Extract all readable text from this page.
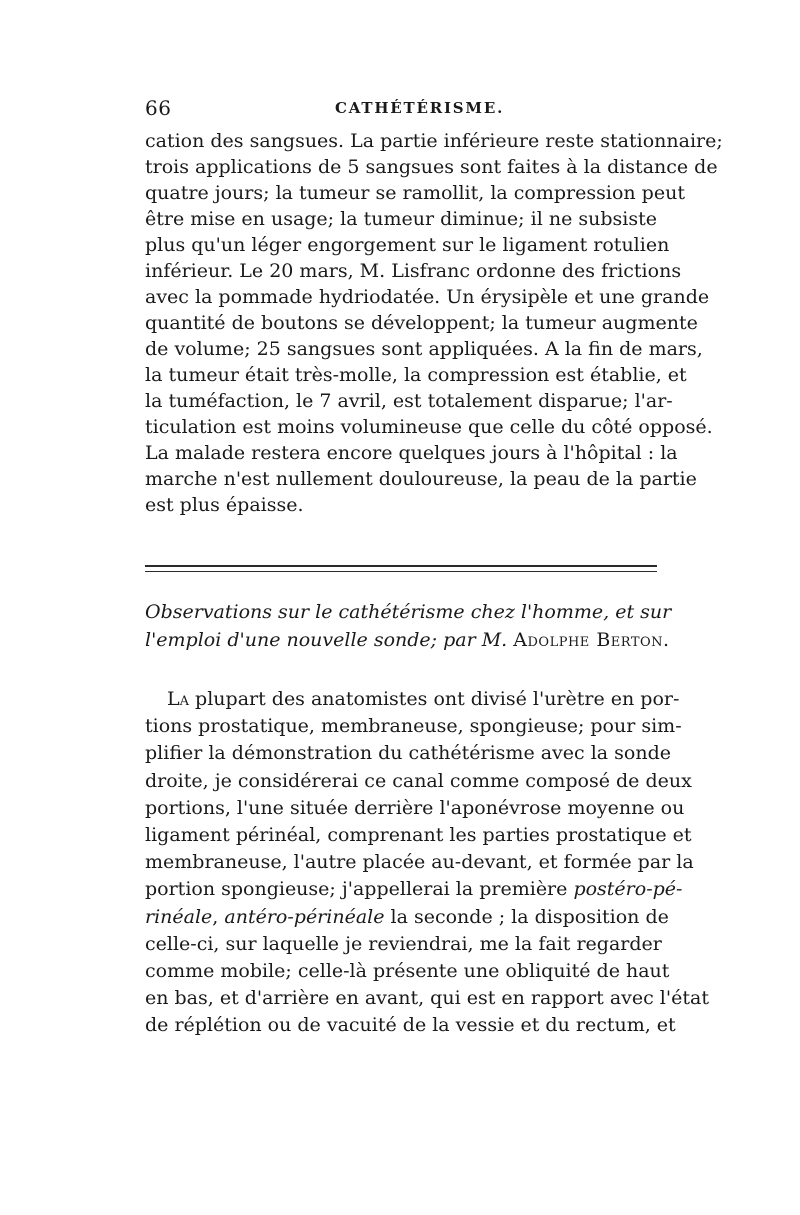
66	CATHÉTÉRISME.
cation des sangsues. La partie inférieure reste stationnaire;
trois applications de 5 sangsues sont faites à la distance de
quatre jours; la tumeur se ramollit, la compression peut
être mise en usage; la tumeur diminue; il ne subsiste
plus qu'un léger engorgement sur le ligament rotulien
inférieur. Le 20 mars, M. Lisfranc ordonne des frictions
avec la pommade hydriodatée. Un érysipèle et une grande
quantité de boutons se développent; la tumeur augmente
de volume; 25 sangsues sont appliquées. A la fin de mars,
la tumeur était très-molle, la compression est établie, et
la tuméfaction, le 7 avril, est totalement disparue; l'ar-
ticulation est moins volumineuse que celle du côté opposé.
La malade restera encore quelques jours à l'hôpital : la
marche n'est nullement douloureuse, la peau de la partie
est plus épaisse.
Observations sur le cathétérisme chez l'homme, et sur
l'emploi d'une nouvelle sonde; par M. Adolphe Berton.
La plupart des anatomistes ont divisé l'urètre en por-
tions prostatique, membraneuse, spongieuse; pour sim-
plifier la démonstration du cathétérisme avec la sonde
droite, je considérerai ce canal comme composé de deux
portions, l'une située derrière l'aponévrose moyenne ou
ligament périnéal, comprenant les parties prostatique et
membraneuse, l'autre placée au-devant, et formée par la
portion spongieuse; j'appellerai la première postéro-pé-
rinéale, antéro-périnéale la seconde ; la disposition de
celle-ci, sur laquelle je reviendrai, me la fait regarder
comme mobile; celle-là présente une obliquité de haut
en bas, et d'arrière en avant, qui est en rapport avec l'état
de réplétion ou de vacuité de la vessie et du rectum, et
